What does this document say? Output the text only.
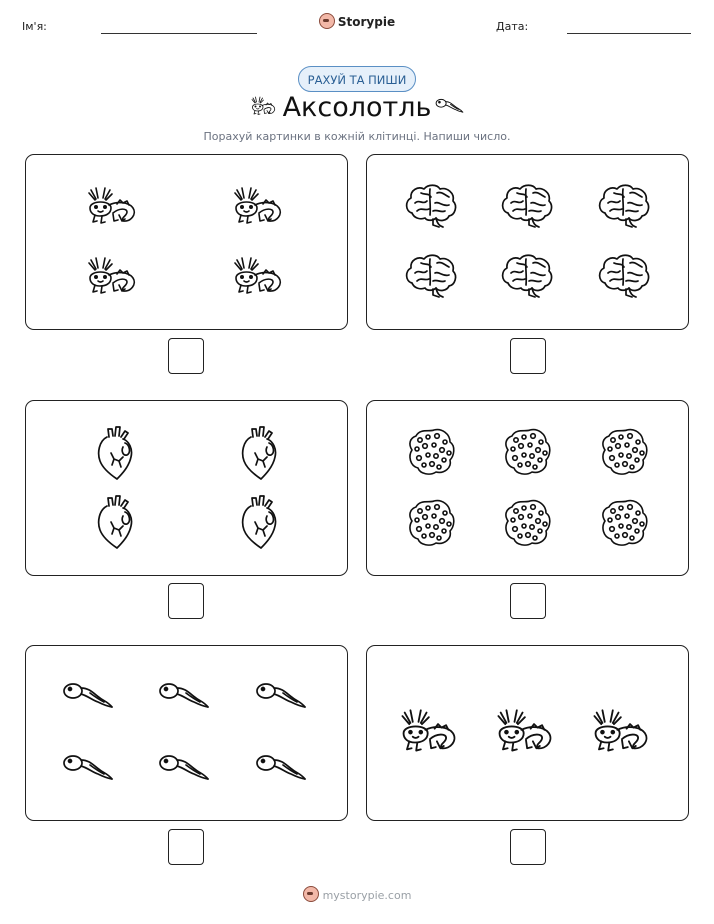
Ім'я:	Storypie	Дата:
РАХУЙ ТА ПИШИ
Аксолотль
Порахуй картинки в кожній клітинці. Напиши число.
mystorypie.com
